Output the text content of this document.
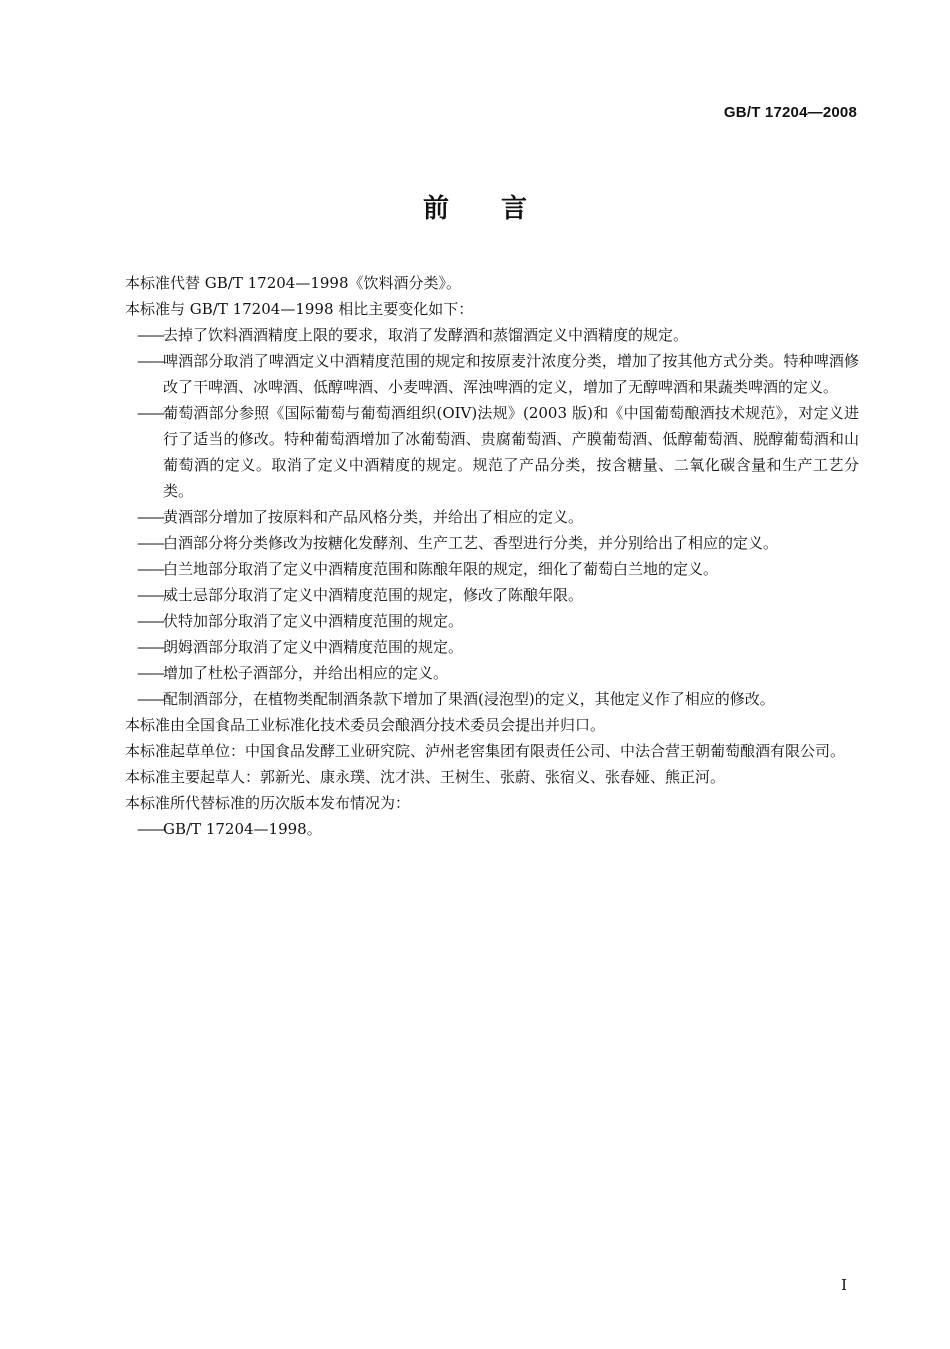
GB/T 17204—2008
前言

本标准代替 GB/T 17204—1998《饮料酒分类》。

本标准与 GB/T 17204—1998 相比主要变化如下：

—— 去掉了饮料酒酒精度上限的要求，取消了发酵酒和蒸馏酒定义中酒精度的规定。
—— 啤酒部分取消了啤酒定义中酒精度范围的规定和按原麦汁浓度分类，增加了按其他方式分类。特种啤酒修改了干啤酒、冰啤酒、低醇啤酒、小麦啤酒、浑浊啤酒的定义，增加了无醇啤酒和果蔬类啤酒的定义。
—— 葡萄酒部分参照《国际葡萄与葡萄酒组织(OIV)法规》(2003 版)和《中国葡萄酿酒技术规范》，对定义进行了适当的修改。特种葡萄酒增加了冰葡萄酒、贵腐葡萄酒、产膜葡萄酒、低醇葡萄酒、脱醇葡萄酒和山葡萄酒的定义。取消了定义中酒精度的规定。规范了产品分类，按含糖量、二氧化碳含量和生产工艺分类。
—— 黄酒部分增加了按原料和产品风格分类，并给出了相应的定义。
—— 白酒部分将分类修改为按糖化发酵剂、生产工艺、香型进行分类，并分别给出了相应的定义。
—— 白兰地部分取消了定义中酒精度范围和陈酿年限的规定，细化了葡萄白兰地的定义。
—— 威士忌部分取消了定义中酒精度范围的规定，修改了陈酿年限。
—— 伏特加部分取消了定义中酒精度范围的规定。
—— 朗姆酒部分取消了定义中酒精度范围的规定。
—— 增加了杜松子酒部分，并给出相应的定义。
—— 配制酒部分，在植物类配制酒条款下增加了果酒(浸泡型)的定义，其他定义作了相应的修改。

本标准由全国食品工业标准化技术委员会酿酒分技术委员会提出并归口。

本标准起草单位：中国食品发酵工业研究院、泸州老窖集团有限责任公司、中法合营王朝葡萄酿酒有限公司。

本标准主要起草人：郭新光、康永璞、沈才洪、王树生、张蔚、张宿义、张春娅、熊正河。

本标准所代替标准的历次版本发布情况为：

—— GB/T 17204—1998。
I
